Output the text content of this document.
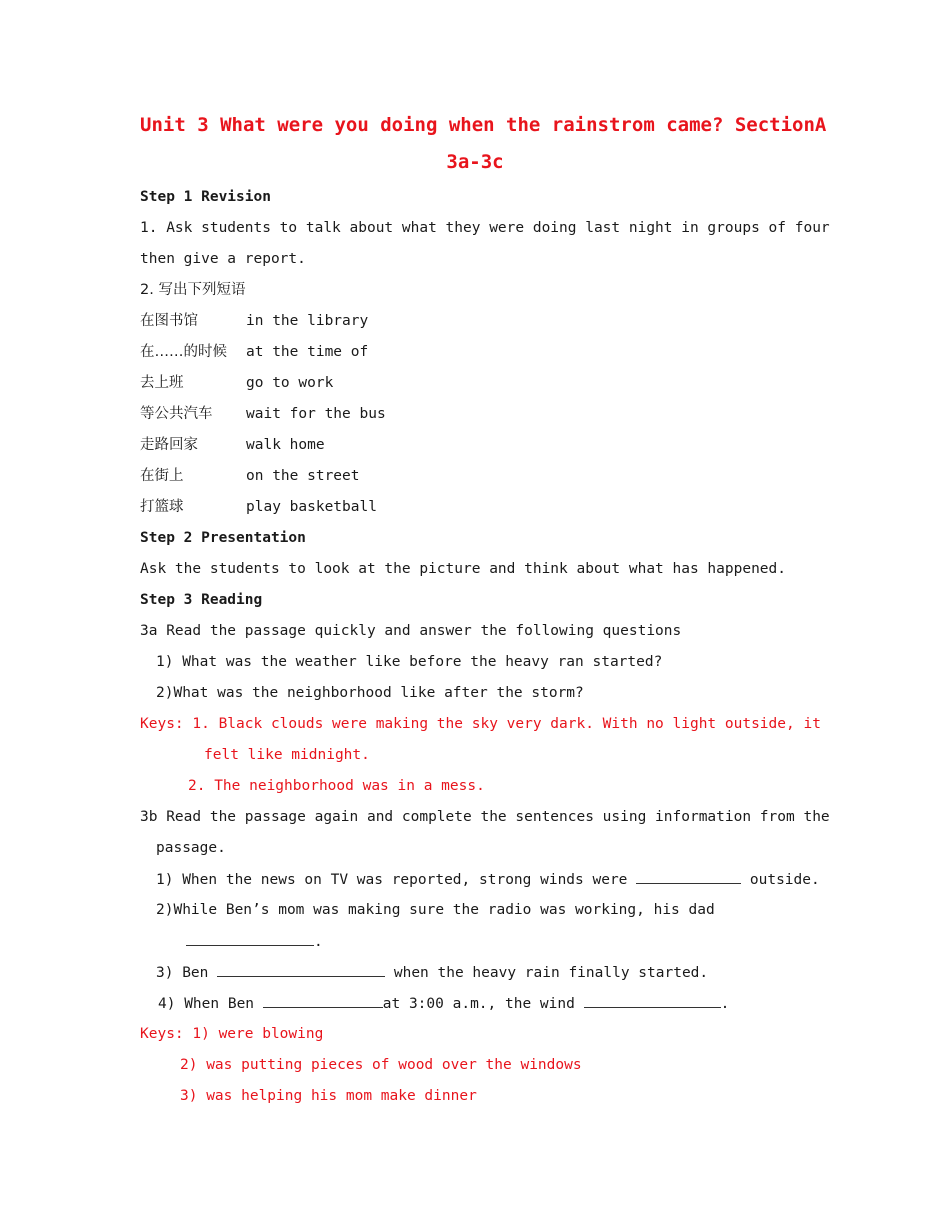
Unit 3 What were you doing when the rainstrom came? SectionA
3a-3c
Step 1 Revision
1. Ask students to talk about what they were doing last night in groups of four
then give a report.
2. 写出下列短语
在图书馆	in the library
在……的时候 at the time of
去上班	go to work
等公共汽车 wait for the bus
走路回家	walk home
在街上	on the street
打篮球	play basketball
Step 2 Presentation
Ask the students to look at the picture and think about what has happened.
Step 3 Reading
3a Read the passage quickly and answer the following questions
1) What was the weather like before the heavy ran started?
2)What was the neighborhood like after the storm?
Keys: 1. Black clouds were making the sky very dark. With no light outside, it
felt like midnight.
2. The neighborhood was in a mess.
3b Read the passage again and complete the sentences using information from the
passage.
1) When the news on TV was reported, strong winds were	outside.
2)While Ben’s mom was making sure the radio was working, his dad
.
3) Ben	when the heavy rain finally started.
4) When Ben	at 3:00 a.m., the wind	.
Keys: 1) were blowing
2) was putting pieces of wood over the windows
3) was helping his mom make dinner
